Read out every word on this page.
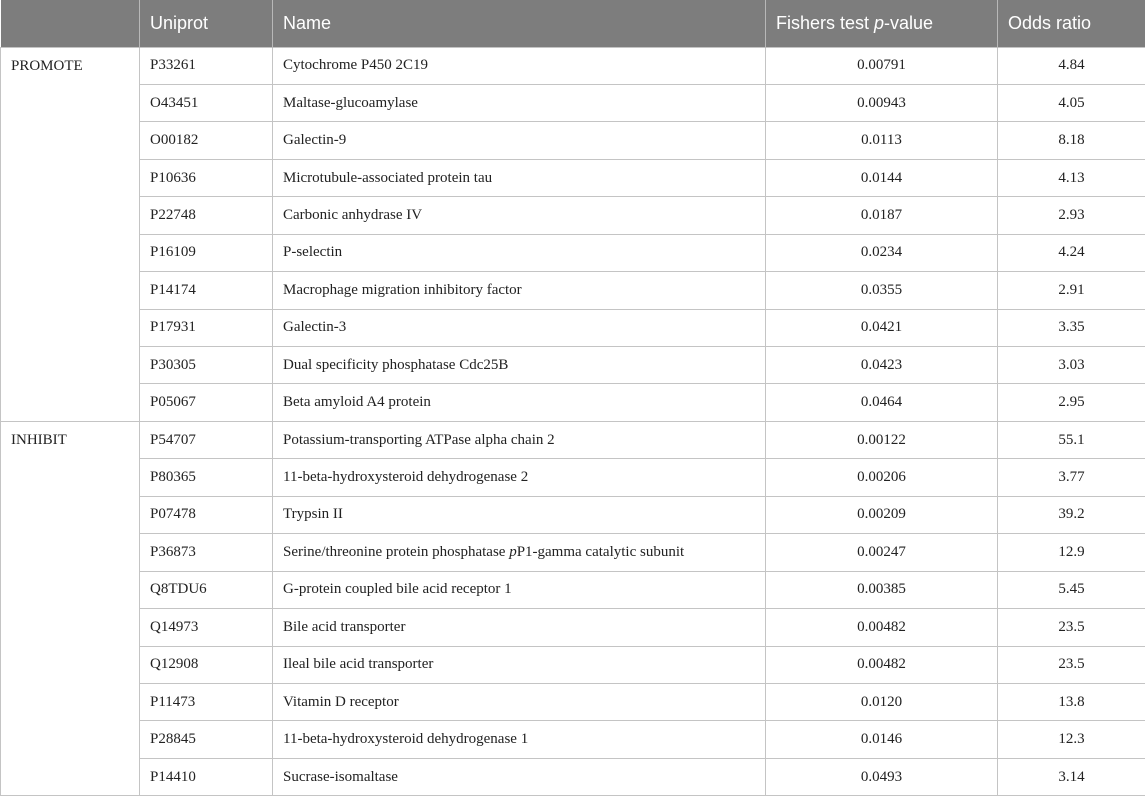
	Uniprot	Name	Fishers test p-value	Odds ratio
PROMOTE	P33261	Cytochrome P450 2C19	0.00791	4.84
	O43451	Maltase-glucoamylase	0.00943	4.05
	O00182	Galectin-9	0.0113	8.18
	P10636	Microtubule-associated protein tau	0.0144	4.13
	P22748	Carbonic anhydrase IV	0.0187	2.93
	P16109	P-selectin	0.0234	4.24
	P14174	Macrophage migration inhibitory factor	0.0355	2.91
	P17931	Galectin-3	0.0421	3.35
	P30305	Dual specificity phosphatase Cdc25B	0.0423	3.03
	P05067	Beta amyloid A4 protein	0.0464	2.95
INHIBIT	P54707	Potassium-transporting ATPase alpha chain 2	0.00122	55.1
	P80365	11-beta-hydroxysteroid dehydrogenase 2	0.00206	3.77
	P07478	Trypsin II	0.00209	39.2
	P36873	Serine/threonine protein phosphatase pP1-gamma catalytic subunit	0.00247	12.9
	Q8TDU6	G-protein coupled bile acid receptor 1	0.00385	5.45
	Q14973	Bile acid transporter	0.00482	23.5
	Q12908	Ileal bile acid transporter	0.00482	23.5
	P11473	Vitamin D receptor	0.0120	13.8
	P28845	11-beta-hydroxysteroid dehydrogenase 1	0.0146	12.3
	P14410	Sucrase-isomaltase	0.0493	3.14
